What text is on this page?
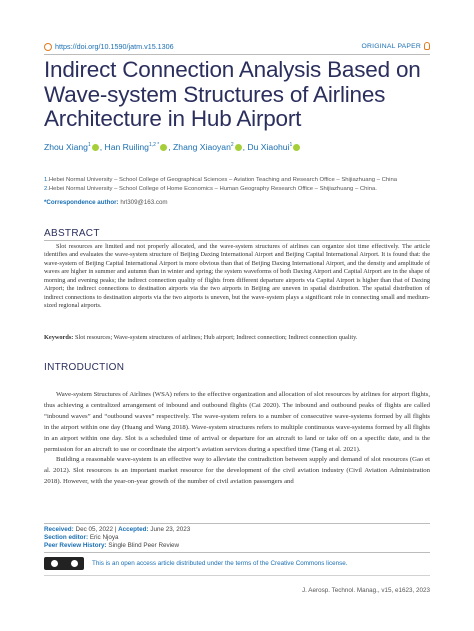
https://doi.org/10.1590/jatm.v15.1306	ORIGINAL PAPER
Indirect Connection Analysis Based on Wave-system Structures of Airlines Architecture in Hub Airport
Zhou Xiang$^1$ , Han Ruiling$^{1,2 *}$ , Zhang Xiaoyan$^2$ , Du Xiaohui$^1$
1.Hebei Normal University – School College of Geographical Sciences – Aviation Teaching and Research Office – Shijiazhuang – China
2.Hebei Normal University – School College of Home Economics – Human Geography Research Office – Shijiazhuang – China.
*Correspondence author: hrl309@163.com
ABSTRACT

Slot resources are limited and not properly allocated, and the wave-system structures of airlines can organize slot time effectively. The article identifies and evaluates the wave-system structure of Beijing Daxing International Airport and Beijing Capital International Airport. It is found that: the wave-system of Beijing Capital International Airport is more obvious than that of Beijing Daxing International Airport, and the density and amplitude of waves are higher in summer and autumn than in winter and spring; the system waveforms of both Daxing Airport and Capital Airport are in the shape of morning and evening peaks; the indirect connection quality of flights from different departure airports via Capital Airport is higher than that of Daxing Airport; the indirect connections to destination airports via the two airports in Beijing are uneven in spatial distribution. The spatial distribution of indirect connections to destination airports via the two airports is uneven, but the wave-system plays a significant role in connecting small and medium-sized regional airports.

Keywords: Slot resources; Wave-system structures of airlines; Hub airport; Indirect connection; Indirect connection quality.
INTRODUCTION

Wave-system Structures of Airlines (WSA) refers to the effective organization and allocation of slot resources by airlines for airport flights, thus achieving a centralized arrangement of inbound and outbound flights (Cai 2020). The inbound and outbound peaks of flights are called “inbound waves” and “outbound waves” respectively. The wave-system refers to a number of consecutive wave-systems formed by all flights in the airport within one day (Huang and Wang 2018). Wave-system structures refers to multiple continuous wave-systems formed by all flights in an airport within one day. Slot is a scheduled time of arrival or departure for an aircraft to land or take off on a specific date, and is the permission for an aircraft to use or coordinate the airport’s aviation services during a specified time (Tang et al. 2021).

Building a reasonable wave-system is an effective way to alleviate the contradiction between supply and demand of slot resources (Gao et al. 2012). Slot resources is an important market resource for the development of the civil aviation industry (Civil Aviation Administration 2018). However, with the year-on-year growth of the number of civil aviation passengers and

Received: Dec 05, 2022 | Accepted: June 23, 2023
Section editor: Eric Njoya
Peer Review History: Single Blind Peer Review
This is an open access article distributed under the terms of the Creative Commons license.
J. Aerosp. Technol. Manag., v15, e1623, 2023
